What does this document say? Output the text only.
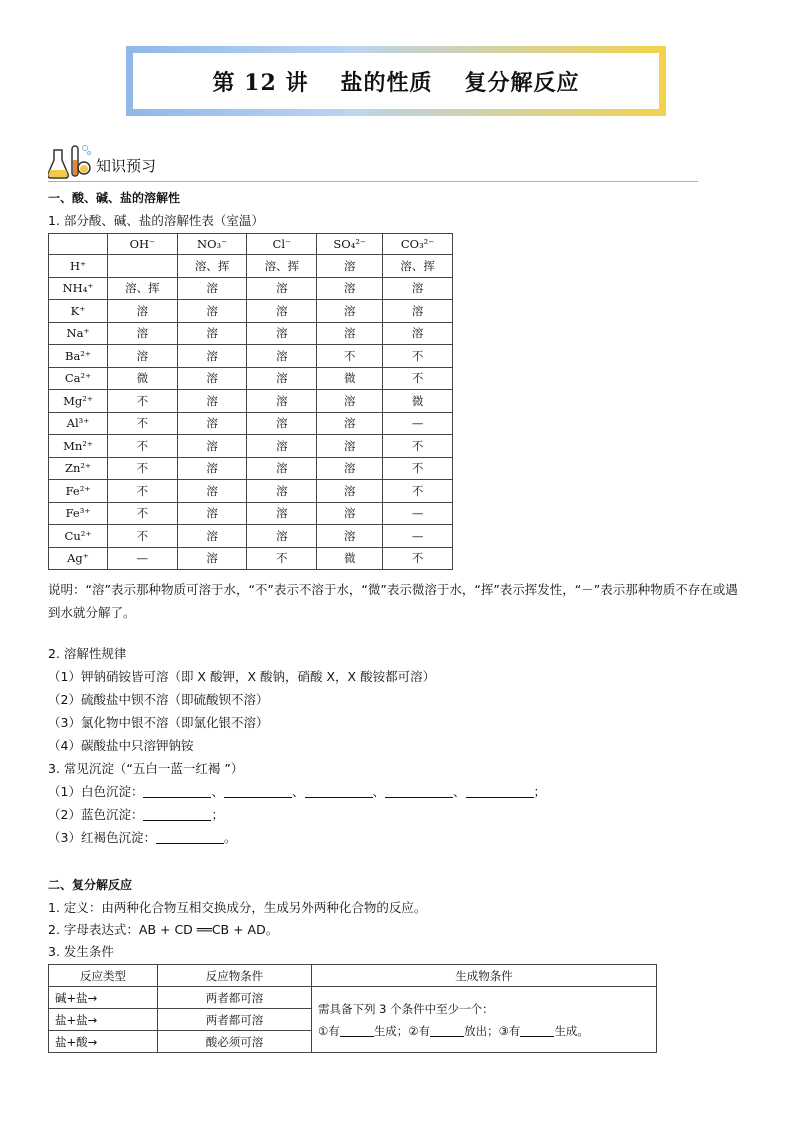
第 12 讲 盐的性质 复分解反应
知识预习
一、酸、碱、盐的溶解性
1. 部分酸、碱、盐的溶解性表（室温）
	OH⁻	NO₃⁻	Cl⁻	SO₄²⁻	CO₃²⁻
H⁺		溶、挥	溶、挥	溶	溶、挥
NH₄⁺	溶、挥	溶	溶	溶	溶
K⁺	溶	溶	溶	溶	溶
Na⁺	溶	溶	溶	溶	溶
Ba²⁺	溶	溶	溶	不	不
Ca²⁺	微	溶	溶	微	不
Mg²⁺	不	溶	溶	溶	微
Al³⁺	不	溶	溶	溶	—
Mn²⁺	不	溶	溶	溶	不
Zn²⁺	不	溶	溶	溶	不
Fe²⁺	不	溶	溶	溶	不
Fe³⁺	不	溶	溶	溶	—
Cu²⁺	不	溶	溶	溶	—
Ag⁺	—	溶	不	微	不
说明：“溶”表示那种物质可溶于水，“不”表示不溶于水，“微”表示微溶于水，“挥”表示挥发性，“－”表示那种物质不存在或遇到水就分解了。
2. 溶解性规律
（1）钾钠硝铵皆可溶（即 X 酸钾，X 酸钠，硝酸 X，X 酸铵都可溶）
（2）硫酸盐中钡不溶（即硫酸钡不溶）
（3）氯化物中银不溶（即氯化银不溶）
（4）碳酸盐中只溶钾钠铵
3. 常见沉淀（“五白一蓝一红褐 ”）
（1）白色沉淀：	、	、	、	、	；
（2）蓝色沉淀：	；
（3）红褐色沉淀：	。
二、复分解反应
1. 定义：由两种化合物互相交换成分，生成另外两种化合物的反应。
2. 字母表达式：AB + CD ══CB + AD。
3. 发生条件
反应类型	反应物条件	生成物条件
碱+盐→	两者都可溶	需具备下列 3 个条件中至少一个：
①有 生成；②有 放出；③有 生成。

盐+盐→	两者都可溶	
盐+酸→	酸必须可溶	
